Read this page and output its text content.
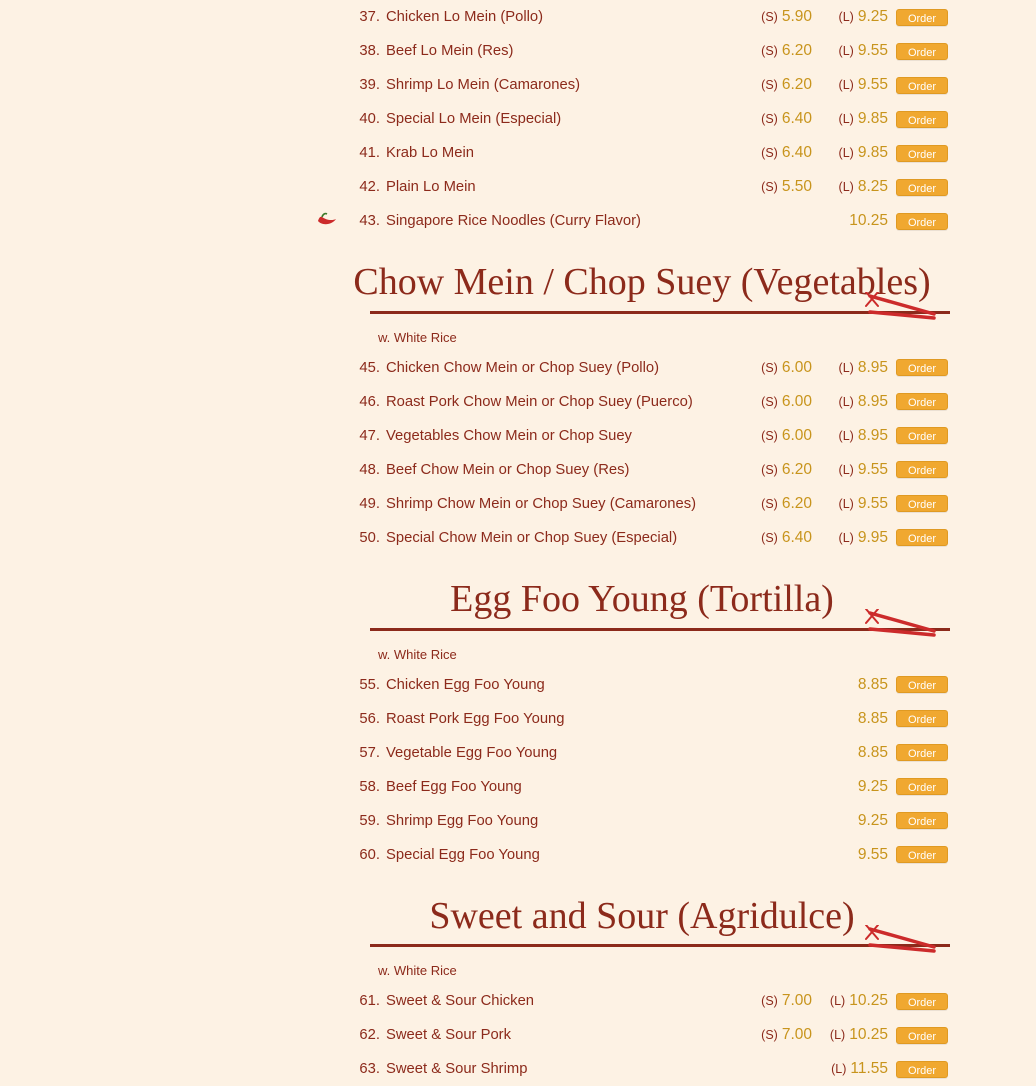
37. Chicken Lo Mein (Pollo)	(S) 5.90 (L) 9.25	Order
38. Beef Lo Mein (Res)	(S) 6.20 (L) 9.55	Order
39. Shrimp Lo Mein (Camarones)	(S) 6.20 (L) 9.55	Order
40. Special Lo Mein (Especial)	(S) 6.40 (L) 9.85	Order
41. Krab Lo Mein	(S) 6.40 (L) 9.85	Order
42. Plain Lo Mein	(S) 5.50 (L) 8.25	Order
43. Singapore Rice Noodles (Curry Flavor)	10.25	Order
Chow Mein / Chop Suey (Vegetables)
w. White Rice
45. Chicken Chow Mein or Chop Suey (Pollo)	(S) 6.00 (L) 8.95	Order
46. Roast Pork Chow Mein or Chop Suey (Puerco)	(S) 6.00 (L) 8.95	Order
47. Vegetables Chow Mein or Chop Suey	(S) 6.00 (L) 8.95	Order
48. Beef Chow Mein or Chop Suey (Res)	(S) 6.20 (L) 9.55	Order
49. Shrimp Chow Mein or Chop Suey (Camarones)	(S) 6.20 (L) 9.55	Order
50. Special Chow Mein or Chop Suey (Especial)	(S) 6.40 (L) 9.95	Order
Egg Foo Young (Tortilla)
w. White Rice
55. Chicken Egg Foo Young	8.85	Order
56. Roast Pork Egg Foo Young	8.85	Order
57. Vegetable Egg Foo Young	8.85	Order
58. Beef Egg Foo Young	9.25	Order
59. Shrimp Egg Foo Young	9.25	Order
60. Special Egg Foo Young	9.55	Order
Sweet and Sour (Agridulce)
w. White Rice
61. Sweet & Sour Chicken	(S) 7.00 (L) 10.25	Order
62. Sweet & Sour Pork	(S) 7.00 (L) 10.25	Order
63. Sweet & Sour Shrimp	(L) 11.55	Order
